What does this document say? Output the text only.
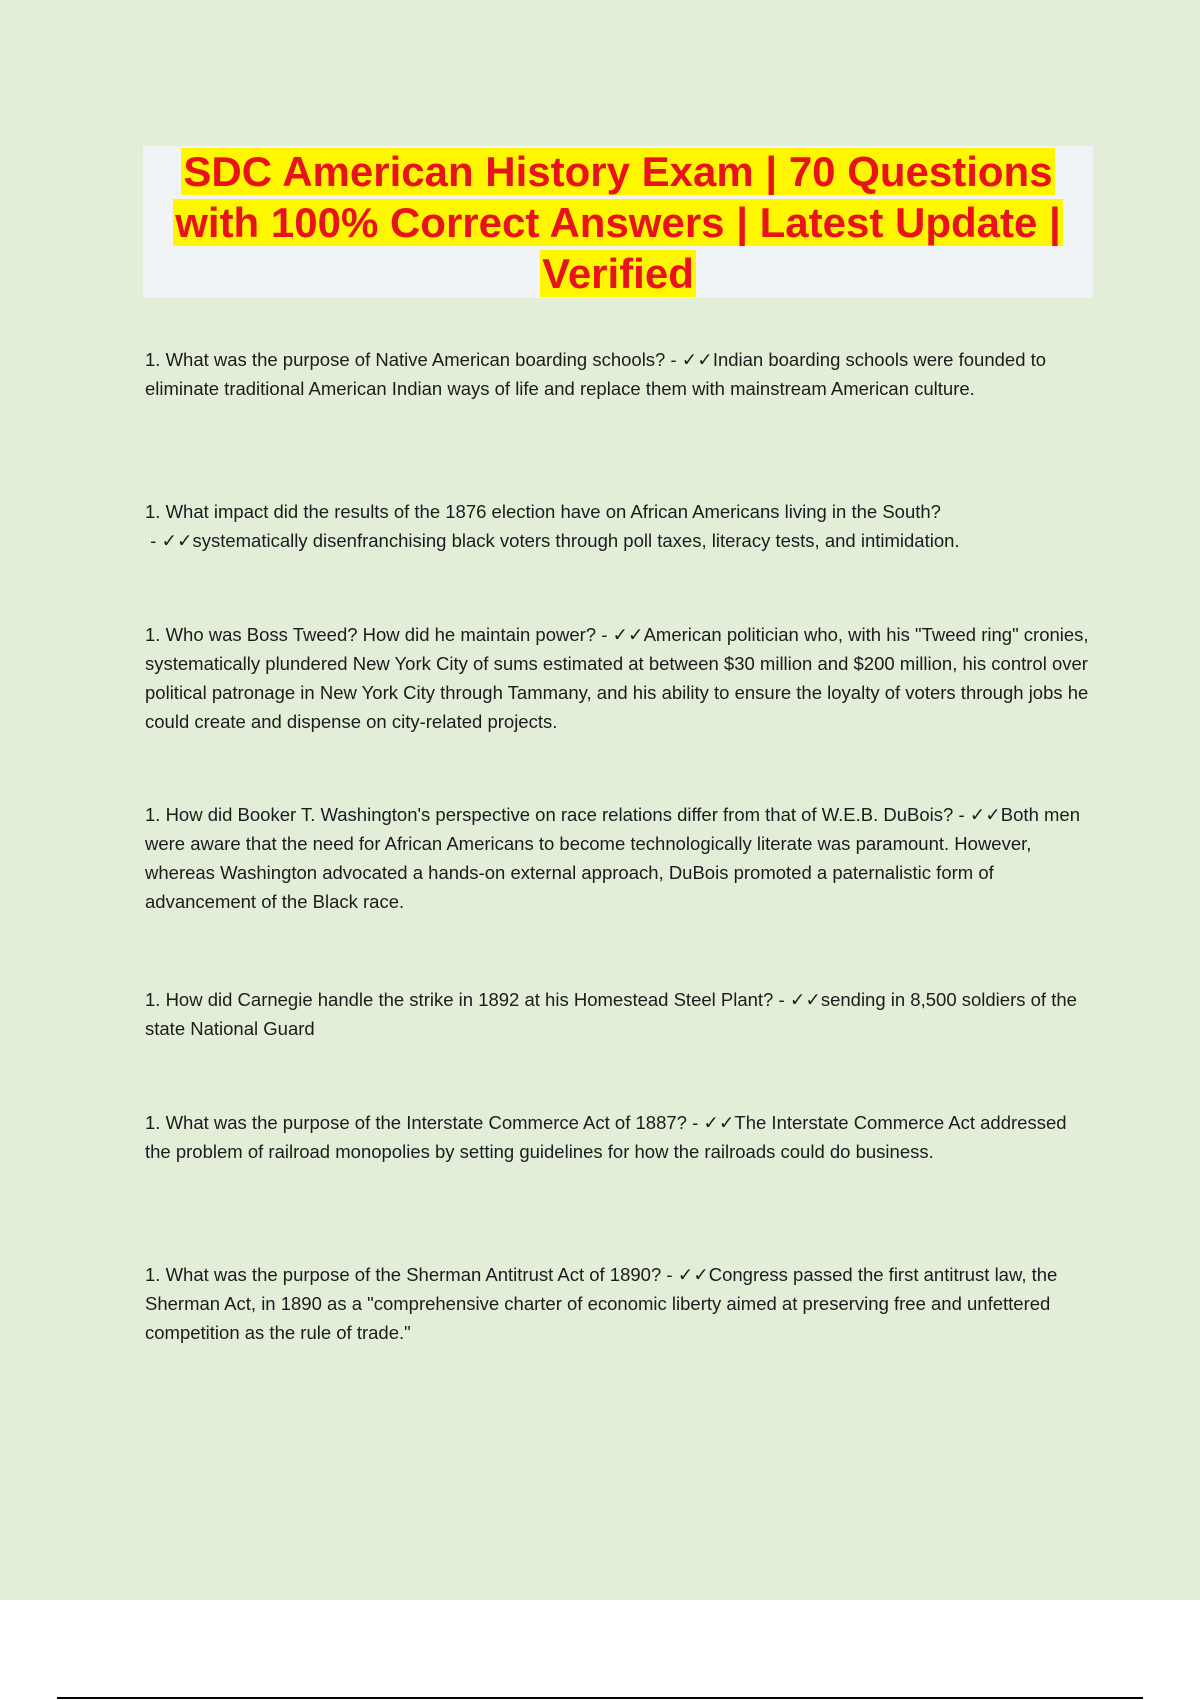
SDC American History Exam | 70 Questions with 100% Correct Answers | Latest Update | Verified
1. What was the purpose of Native American boarding schools? - ✓✓Indian boarding schools were founded to eliminate traditional American Indian ways of life and replace them with mainstream American culture.
1. What impact did the results of the 1876 election have on African Americans living in the South? - ✓✓systematically disenfranchising black voters through poll taxes, literacy tests, and intimidation.
1. Who was Boss Tweed? How did he maintain power? - ✓✓American politician who, with his "Tweed ring" cronies, systematically plundered New York City of sums estimated at between $30 million and $200 million, his control over political patronage in New York City through Tammany, and his ability to ensure the loyalty of voters through jobs he could create and dispense on city-related projects.
1. How did Booker T. Washington's perspective on race relations differ from that of W.E.B. DuBois? - ✓✓Both men were aware that the need for African Americans to become technologically literate was paramount. However, whereas Washington advocated a hands-on external approach, DuBois promoted a paternalistic form of advancement of the Black race.
1. How did Carnegie handle the strike in 1892 at his Homestead Steel Plant? - ✓✓sending in 8,500 soldiers of the state National Guard
1. What was the purpose of the Interstate Commerce Act of 1887? - ✓✓The Interstate Commerce Act addressed the problem of railroad monopolies by setting guidelines for how the railroads could do business.
1. What was the purpose of the Sherman Antitrust Act of 1890? - ✓✓Congress passed the first antitrust law, the Sherman Act, in 1890 as a "comprehensive charter of economic liberty aimed at preserving free and unfettered competition as the rule of trade."
